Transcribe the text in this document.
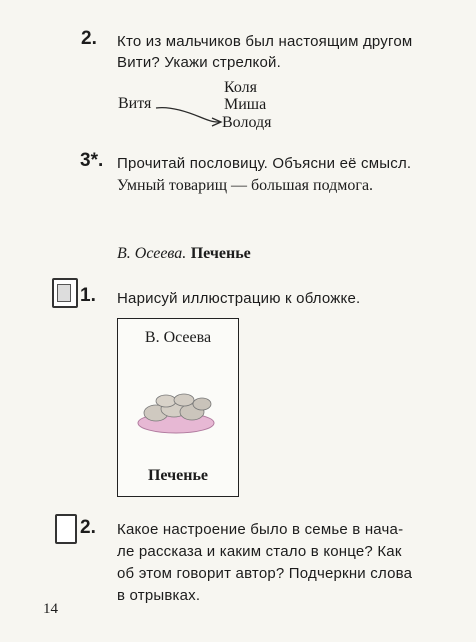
2. Кто из мальчиков был настоящим другом
Вити? Укажи стрелкой.
Витя
Коля
Миша
Володя
3*. Прочитай пословицу. Объясни её смысл.
Умный товарищ — большая подмога.
В. Осеева. Печенье
1. Нарисуй иллюстрацию к обложке.
В. Осеева
Печенье
2. Какое настроение было в семье в нача-
ле рассказа и каким стало в конце? Как
об этом говорит автор? Подчеркни слова
в отрывках.
14
